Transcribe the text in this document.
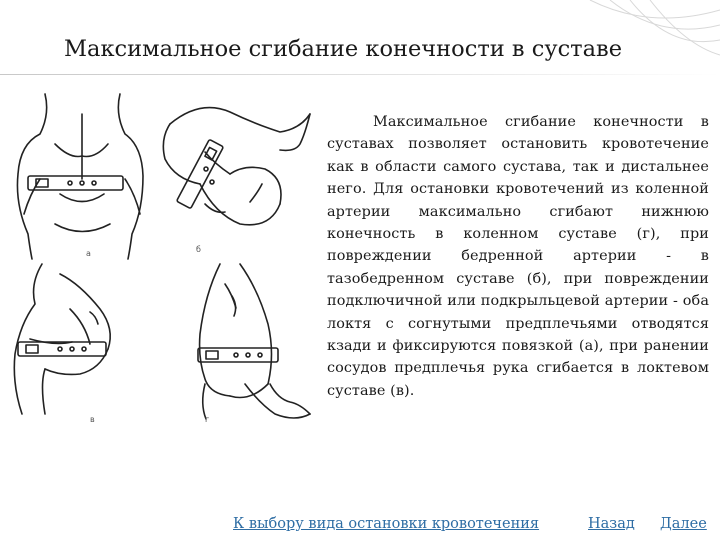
Максимальное сгибание конечности в суставе
а	б
в	г
Максимальное сгибание конечности в суставах позволяет остановить кровотечение как в области самого сустава, так и дистальнее него. Для остановки кровотечений из коленной артерии максимально сгибают нижнюю конечность в коленном суставе (г), при повреждении бедренной артерии - в тазобедренном суставе (б), при повреждении подключичной или подкрыльцевой артерии - оба локтя с согнутыми предплечьями отводятся кзади и фиксируются повязкой (а), при ранении сосудов предплечья рука сгибается в локтевом суставе (в).
К выбору вида остановки кровотечения	Назад Далее
